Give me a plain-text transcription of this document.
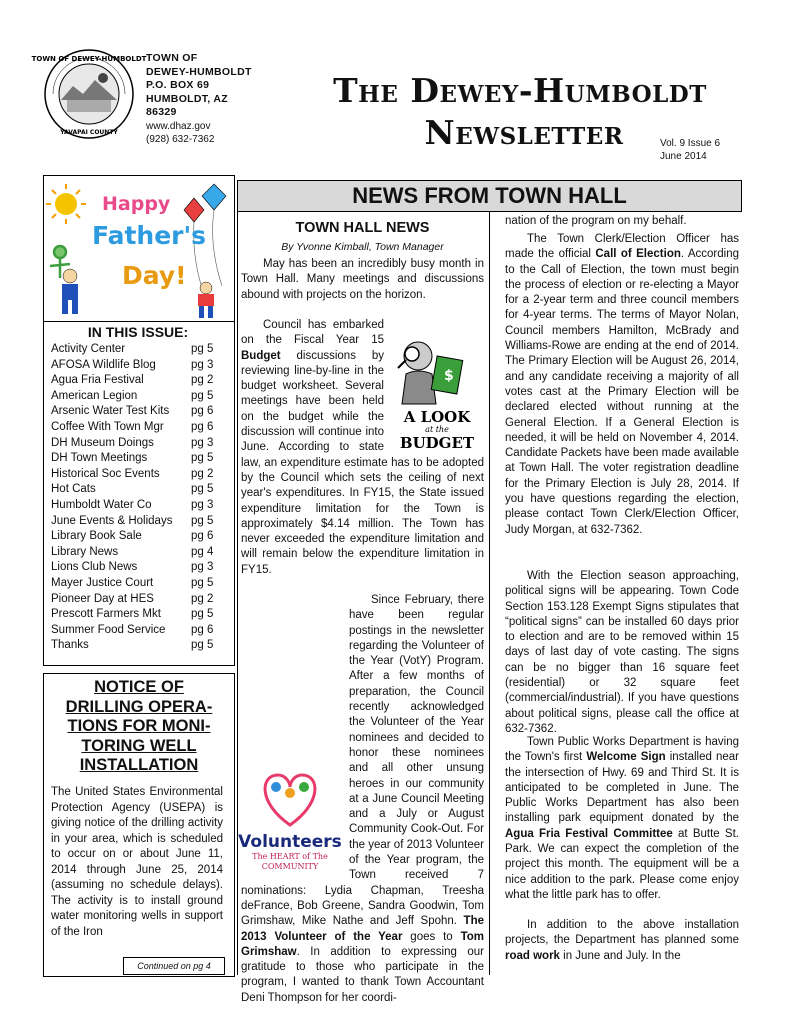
TOWN OF DEWEY-HUMBOLDT
YAVAPAI COUNTY
TOWN OF
DEWEY-HUMBOLDT
P.O. BOX 69
HUMBOLDT, AZ
86329
www.dhaz.gov
(928) 632-7362
The Dewey-Humboldt
Newsletter	Vol. 9 Issue 6
June 2014
Happy
Father's
Day!
IN THIS ISSUE:
Activity Center	pg 5
AFOSA Wildlife Blog	pg 3
Agua Fria Festival	pg 2
American Legion	pg 5
Arsenic Water Test Kits pg 6
Coffee With Town Mgr pg 6
DH Museum Doings	pg 3
DH Town Meetings	pg 5
Historical Soc Events	pg 2
Hot Cats	pg 5
Humboldt Water Co	pg 3
June Events & Holidays pg 5
Library Book Sale	pg 6
Library News	pg 4
Lions Club News	pg 3
Mayer Justice Court	pg 5
Pioneer Day at HES	pg 2
Prescott Farmers Mkt	pg 5
Summer Food Service pg 6
Thanks	pg 5
NOTICE OF DRILLING OPERA-TIONS FOR MONI-TORING WELL INSTALLATION
The United States Environmental Protection Agency (USEPA) is giving notice of the drilling activity in your area, which is scheduled to occur on or about June 11, 2014 through June 25, 2014 (assuming no schedule delays). The activity is to install ground water monitoring wells in support of the Iron
Continued on pg 4
NEWS FROM TOWN HALL
TOWN HALL NEWS
By Yvonne Kimball, Town Manager
May has been an incredibly busy month in Town Hall. Many meetings and discussions abound with projects on the horizon.
Council has embarked on the Fiscal Year 15 Budget discussions by reviewing line-by-line in the budget worksheet. Several meetings have been held on the budget while the discussion will continue into June. According to state law, an expenditure estimate has to be adopted by the Council which sets the ceiling of next year's expenditures. In FY15, the State issued expenditure limitation for the Town is approximately $4.14 million. The Town has never exceeded the expenditure limitation and will remain below the expenditure limitation in FY15.
$
A LOOK
at the
BUDGET
Since February, there have been regular postings in the newsletter regarding the Volunteer of the Year (VotY) Program. After a few months of preparation, the Council recently acknowledged the Volunteer of the Year nominees and decided to honor these nominees and all other unsung heroes in our community at a June Council Meeting and a July or August Community Cook-Out. For the year of 2013 Volunteer of the Year program, the Town received 7 nominations: Lydia Chapman, Treesha deFrance, Bob Greene, Sandra Goodwin, Tom Grimshaw, Mike Nathe and Jeff Spohn. The 2013 Volunteer of the Year goes to Tom Grimshaw. In addition to expressing our gratitude to those who participate in the program, I wanted to thank Town Accountant Deni Thompson for her coordi-
Volunteers
The HEART of The
COMMUNITY
nation of the program on my behalf.
The Town Clerk/Election Officer has made the official Call of Election. According to the Call of Election, the town must begin the process of election or re-electing a Mayor for a 2-year term and three council members for 4-year terms. The terms of Mayor Nolan, Council members Hamilton, McBrady and Williams-Rowe are ending at the end of 2014. The Primary Election will be August 26, 2014, and any candidate receiving a majority of all votes cast at the Primary Election will be declared elected without running at the General Election. If a General Election is needed, it will be held on November 4, 2014. Candidate Packets have been made available at Town Hall. The voter registration deadline for the Primary Election is July 28, 2014. If you have questions regarding the election, please contact Town Clerk/Election Officer, Judy Morgan, at 632-7362.
With the Election season approaching, political signs will be appearing. Town Code Section 153.128 Exempt Signs stipulates that “political signs” can be installed 60 days prior to election and are to be removed within 15 days of last day of vote casting. The signs can be no bigger than 16 square feet (residential) or 32 square feet (commercial/industrial). If you have questions about political signs, please call the office at 632-7362.
Town Public Works Department is having the Town's first Welcome Sign installed near the intersection of Hwy. 69 and Third St. It is anticipated to be completed in June. The Public Works Department has also been installing park equipment donated by the Agua Fria Festival Committee at Butte St. Park. We can expect the completion of the project this month. The equipment will be a nice addition to the park. Please come enjoy what the little park has to offer.
In addition to the above installation projects, the Department has planned some road work in June and July. In the
